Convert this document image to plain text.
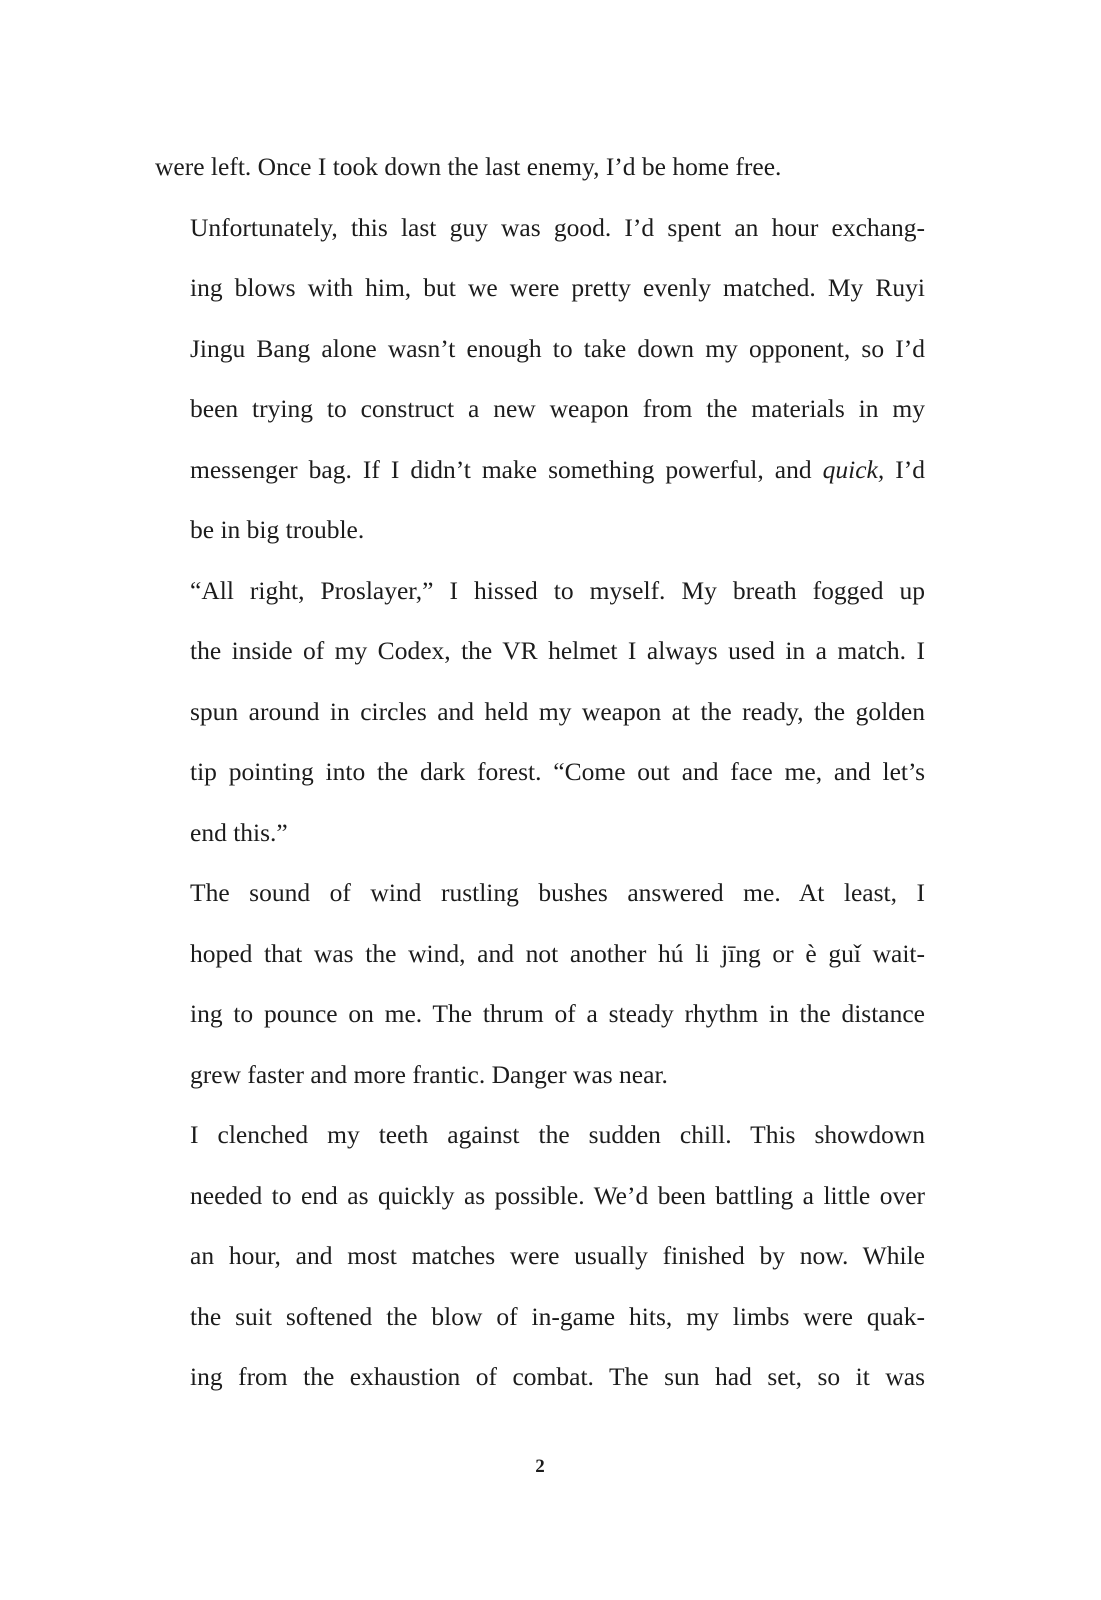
were left. Once I took down the last enemy, I’d be home free.
Unfortunately, this last guy was good. I’d spent an hour exchang-
ing blows with him, but we were pretty evenly matched. My Ruyi
Jingu Bang alone wasn’t enough to take down my opponent, so I’d
been trying to construct a new weapon from the materials in my
messenger bag. If I didn’t make something powerful, and quick, I’d
be in big trouble.
“All right, Proslayer,” I hissed to myself. My breath fogged up
the inside of my Codex, the VR helmet I always used in a match. I
spun around in circles and held my weapon at the ready, the golden
tip pointing into the dark forest. “Come out and face me, and let’s
end this.”
The sound of wind rustling bushes answered me. At least, I
hoped that was the wind, and not another hú li jīng or è guǐ wait-
ing to pounce on me. The thrum of a steady rhythm in the distance
grew faster and more frantic. Danger was near.
I clenched my teeth against the sudden chill. This showdown
needed to end as quickly as possible. We’d been battling a little over
an hour, and most matches were usually finished by now. While
the suit softened the blow of in-game hits, my limbs were quak-
ing from the exhaustion of combat. The sun had set, so it was
2
